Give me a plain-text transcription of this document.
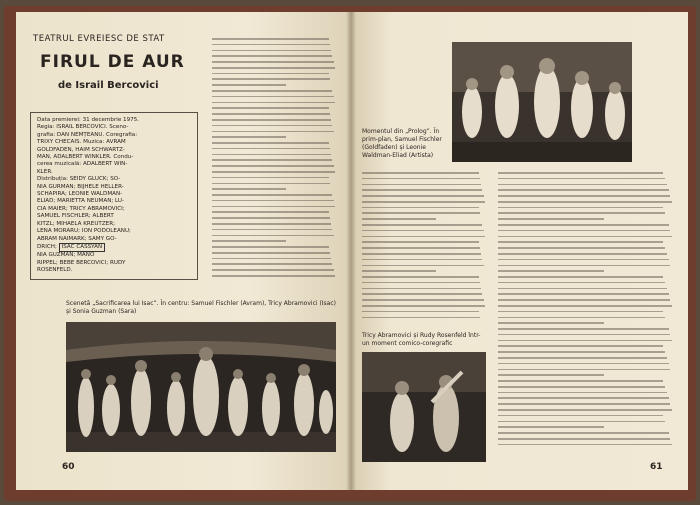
TEATRUL EVREIESC DE STAT
FIRUL DE AUR
de Israil Bercovici
Data premierei: 31 decembrie 1975.
Regia: ISRAIL BERCOVICI. Sceno-
grafia: DAN NEMȚEANU. Coregrafia:
TRIXY CHECAIS. Muzica: AVRAM
GOLDFADEN, HAIM SCHWARTZ-
MAN, ADALBERT WINKLER. Condu-
cerea muzicală: ADALBERT WIN-
KLER.
Distribuția: SEIDY GLUCK; SO-
NIA GURMAN; BIJHELE HELLER-
SCHAPIRA; LEONIE WALDMAN-
ELIAD; MARIETTA NEUMAN; LU-
CIA MAIER; TRICY ABRAMOVICI;
SAMUEL FISCHLER; ALBERT
KITZL; MIHAELA KREUTZER;
LENA MORARU; ION PODOLEANU;
ABRAM NAIMARK; SAMY GO-
DRICH; ISAC CASSYAN
NIA GUZMAN; MANO
RIPPEL; BEBE BERCOVICI; RUDY
ROSENFELD.
Scenetă „Sacrificarea lui Isac”. În centru: Samuel Fischler (Avram), Tricy Abramovici (Isac) și Sonia Guzman (Sara)
60
Momentul din „Prolog”. În prim-plan, Samuel Fischler (Goldfaden) și Leonie Waldman-Eliad (Artista)
Tricy Abramovici și Rudy Rosenfeld într-un moment comico-coregrafic
61
